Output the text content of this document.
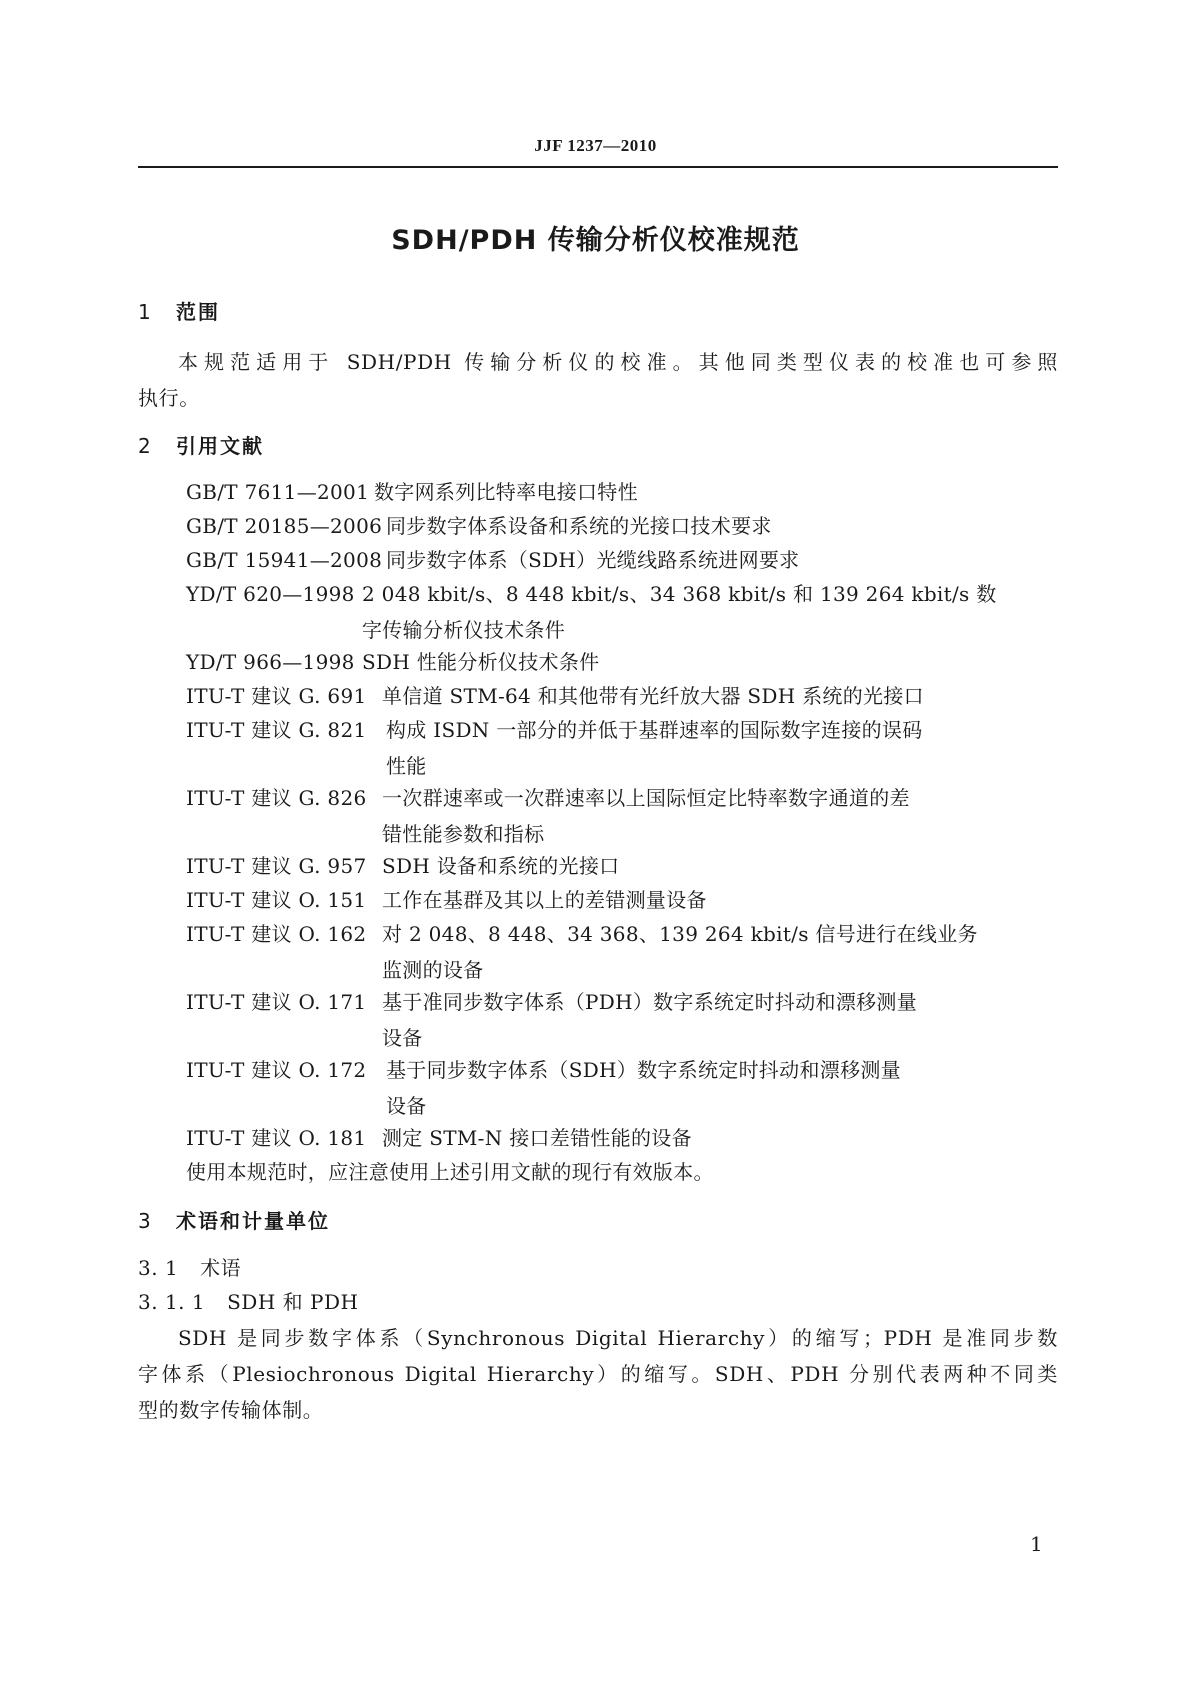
JJF 1237—2010
SDH/PDH 传输分析仪校准规范
1 范围
本规范适用于 SDH/PDH 传输分析仪的校准。其他同类型仪表的校准也可参照
执行。
2 引用文献
GB/T 7611—2001 数字网系列比特率电接口特性
GB/T 20185—2006 同步数字体系设备和系统的光接口技术要求
GB/T 15941—2008 同步数字体系（SDH）光缆线路系统进网要求
YD/T 620—1998 2 048 kbit/s、8 448 kbit/s、34 368 kbit/s 和 139 264 kbit/s 数
字传输分析仪技术条件
YD/T 966—1998 SDH 性能分析仪技术条件
ITU-T 建议 G. 691 单信道 STM-64 和其他带有光纤放大器 SDH 系统的光接口
ITU-T 建议 G. 821 构成 ISDN 一部分的并低于基群速率的国际数字连接的误码
性能
ITU-T 建议 G. 826 一次群速率或一次群速率以上国际恒定比特率数字通道的差
错性能参数和指标
ITU-T 建议 G. 957 SDH 设备和系统的光接口
ITU-T 建议 O. 151 工作在基群及其以上的差错测量设备
ITU-T 建议 O. 162 对 2 048、8 448、34 368、139 264 kbit/s 信号进行在线业务
监测的设备
ITU-T 建议 O. 171 基于准同步数字体系（PDH）数字系统定时抖动和漂移测量
设备
ITU-T 建议 O. 172 基于同步数字体系（SDH）数字系统定时抖动和漂移测量
设备
ITU-T 建议 O. 181 测定 STM-N 接口差错性能的设备
使用本规范时，应注意使用上述引用文献的现行有效版本。
3 术语和计量单位
3. 1 术语
3. 1. 1 SDH 和 PDH
SDH 是同步数字体系（Synchronous Digital Hierarchy）的缩写；PDH 是准同步数
字体系（Plesiochronous Digital Hierarchy）的缩写。SDH、PDH 分别代表两种不同类
型的数字传输体制。
1
